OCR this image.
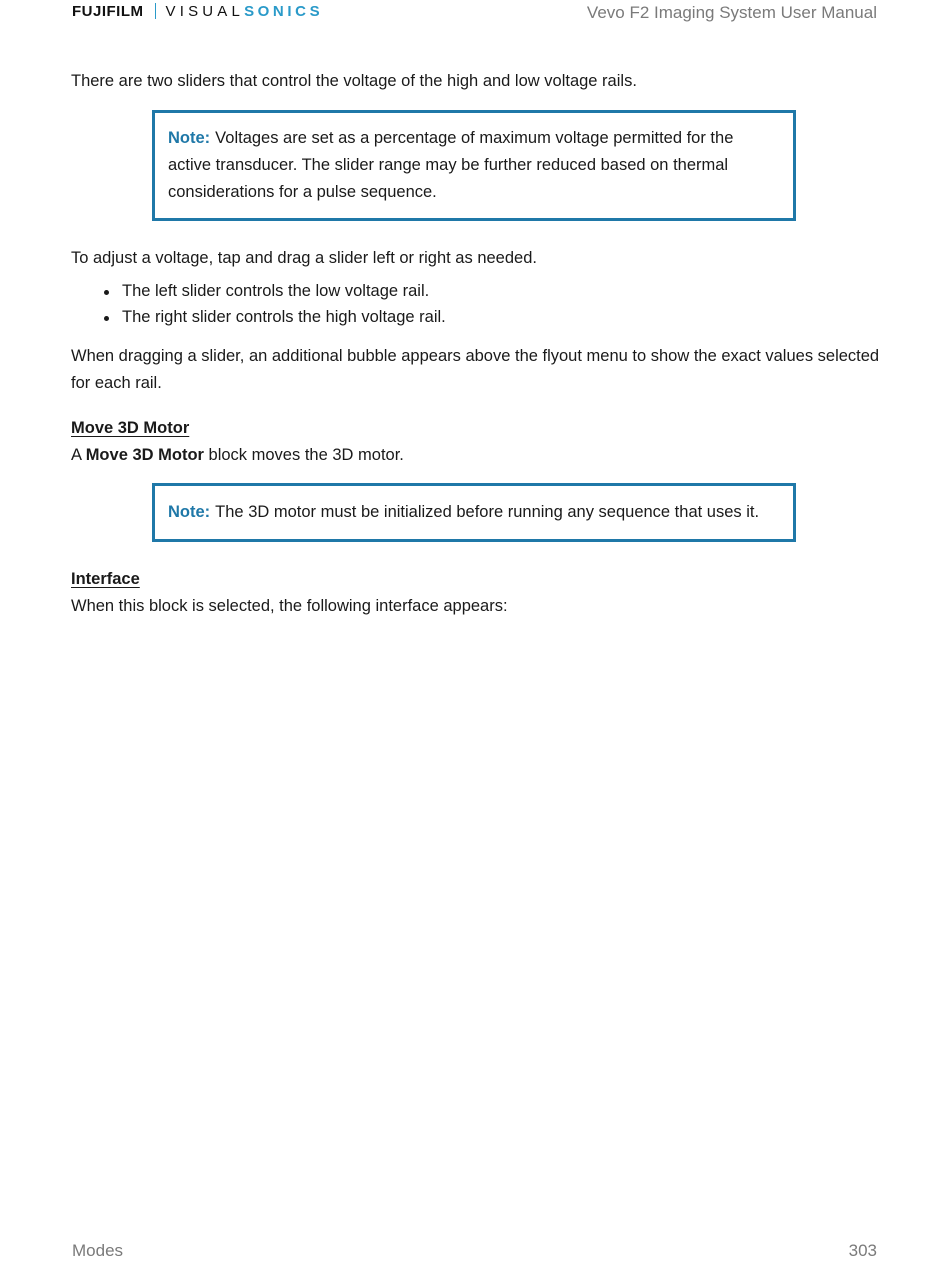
FUJIFILM VISUAL SONICS	Vevo F2 Imaging System User Manual

There are two sliders that control the voltage of the high and low voltage rails.

Note: Voltages are set as a percentage of maximum voltage permitted for the active transducer. The slider range may be further reduced based on thermal considerations for a pulse sequence.

To adjust a voltage, tap and drag a slider left or right as needed.

The left slider controls the low voltage rail.
The right slider controls the high voltage rail.

When dragging a slider, an additional bubble appears above the flyout menu to show the exact values selected for each rail.

Move 3D Motor

A Move 3D Motor block moves the 3D motor.

Note: The 3D motor must be initialized before running any sequence that uses it.

Interface

When this block is selected, the following interface appears:

Modes	303
